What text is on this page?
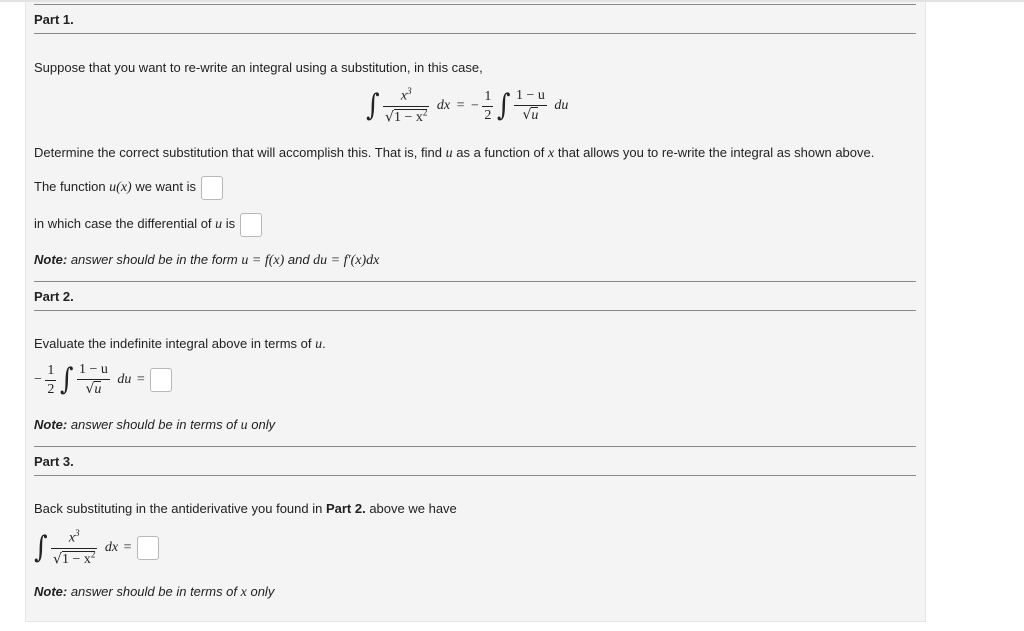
Part 1.
Suppose that you want to re-write an integral using a substitution, in this case,
∫ $\frac{x^3}{√1 - x^2}$ dx = − $\frac{1}{2}$ ∫ $\frac{1 - u}{√u}$ du
Determine the correct substitution that will accomplish this. That is, find u as a function of x that allows you to re-write the integral as shown above.
The function u(x) we want is
in which case the differential of u is
Note: answer should be in the form u = f(x) and du = f′(x)dx
Part 2.
Evaluate the indefinite integral above in terms of u.
− $\frac{1}{2}$ ∫ $\frac{1 - u}{√u}$ du =
Note: answer should be in terms of u only
Part 3.
Back substituting in the antiderivative you found in Part 2. above we have
∫ $\frac{x^3}{√1 - x^2}$ dx =
Note: answer should be in terms of x only
